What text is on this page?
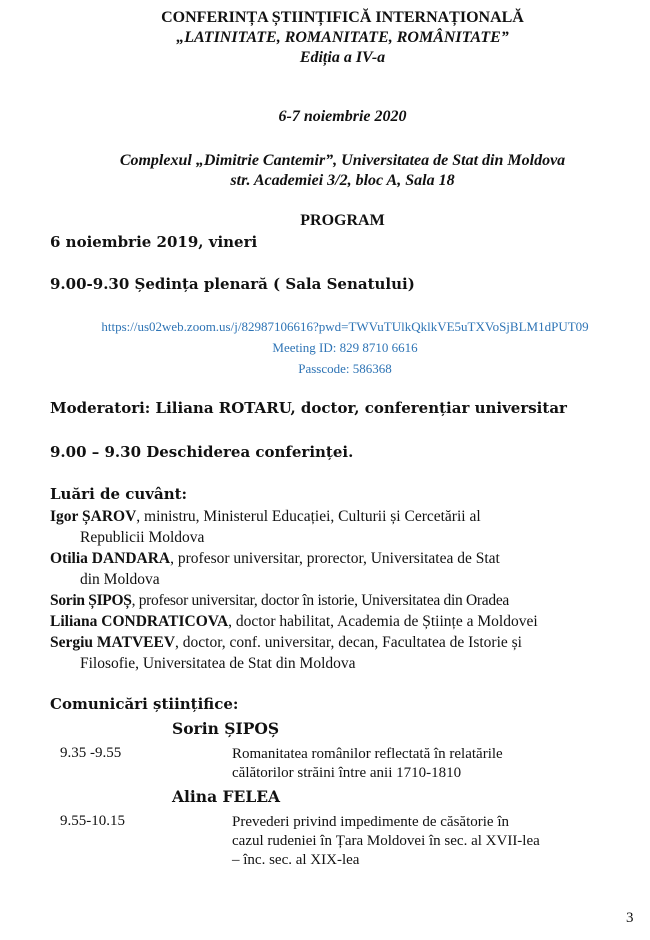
CONFERINȚA ȘTIINȚIFICĂ INTERNAȚIONALĂ
„LATINITATE, ROMANITATE, ROMÂNITATE”
Ediția a IV-a
6-7 noiembrie 2020
Complexul „Dimitrie Cantemir”, Universitatea de Stat din Moldova
str. Academiei 3/2, bloc A, Sala 18
PROGRAM
6 noiembrie 2019, vineri
9.00-9.30 Ședința plenară ( Sala Senatului)
https://us02web.zoom.us/j/82987106616?pwd=TWVuTUlkQklkVE5uTXVoSjBLM1dPUT09
Meeting ID: 829 8710 6616
Passcode: 586368
Moderatori: Liliana ROTARU, doctor, conferențiar universitar
9.00 – 9.30 Deschiderea conferinței.
Luări de cuvânt:
Igor ȘAROV, ministru, Ministerul Educației, Culturii și Cercetării al
Republicii Moldova
Otilia DANDARA, profesor universitar, prorector, Universitatea de Stat
din Moldova
Sorin ȘIPOȘ, profesor universitar, doctor în istorie, Universitatea din Oradea
Liliana CONDRATICOVA, doctor habilitat, Academia de Științe a Moldovei
Sergiu MATVEEV, doctor, conf. universitar, decan, Facultatea de Istorie și
Filosofie, Universitatea de Stat din Moldova
Comunicări științifice:
Sorin ȘIPOȘ
9.35 -9.55	Romanitatea românilor reflectată în relatările
călătorilor străini între anii 1710-1810
Alina FELEA
9.55-10.15	Prevederi privind impedimente de căsătorie în
cazul rudeniei în Țara Moldovei în sec. al XVII-lea
– înc. sec. al XIX-lea
3
